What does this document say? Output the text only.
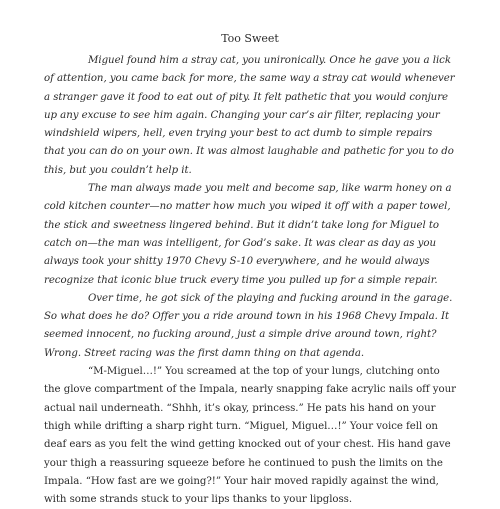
Too Sweet

Miguel found him a stray cat, you unironically. Once he gave you a lick of attention, you came back for more, the same way a stray cat would whenever a stranger gave it food to eat out of pity. It felt pathetic that you would conjure up any excuse to see him again. Changing your car’s air filter, replacing your windshield wipers, hell, even trying your best to act dumb to simple repairs that you can do on your own. It was almost laughable and pathetic for you to do this, but you couldn’t help it.

The man always made you melt and become sap, like warm honey on a cold kitchen counter—no matter how much you wiped it off with a paper towel, the stick and sweetness lingered behind. But it didn’t take long for Miguel to catch on—the man was intelligent, for God’s sake. It was clear as day as you always took your shitty 1970 Chevy S-10 everywhere, and he would always recognize that iconic blue truck every time you pulled up for a simple repair.

Over time, he got sick of the playing and fucking around in the garage. So what does he do? Offer you a ride around town in his 1968 Chevy Impala. It seemed innocent, no fucking around, just a simple drive around town, right? Wrong. Street racing was the first damn thing on that agenda.

“M-Miguel…!” You screamed at the top of your lungs, clutching onto the glove compartment of the Impala, nearly snapping fake acrylic nails off your actual nail underneath. “Shhh, it’s okay, princess.” He pats his hand on your thigh while drifting a sharp right turn. “Miguel, Miguel…!” Your voice fell on deaf ears as you felt the wind getting knocked out of your chest. His hand gave your thigh a reassuring squeeze before he continued to push the limits on the Impala. “How fast are we going?!” Your hair moved rapidly against the wind, with some strands stuck to your lips thanks to your lipgloss.
